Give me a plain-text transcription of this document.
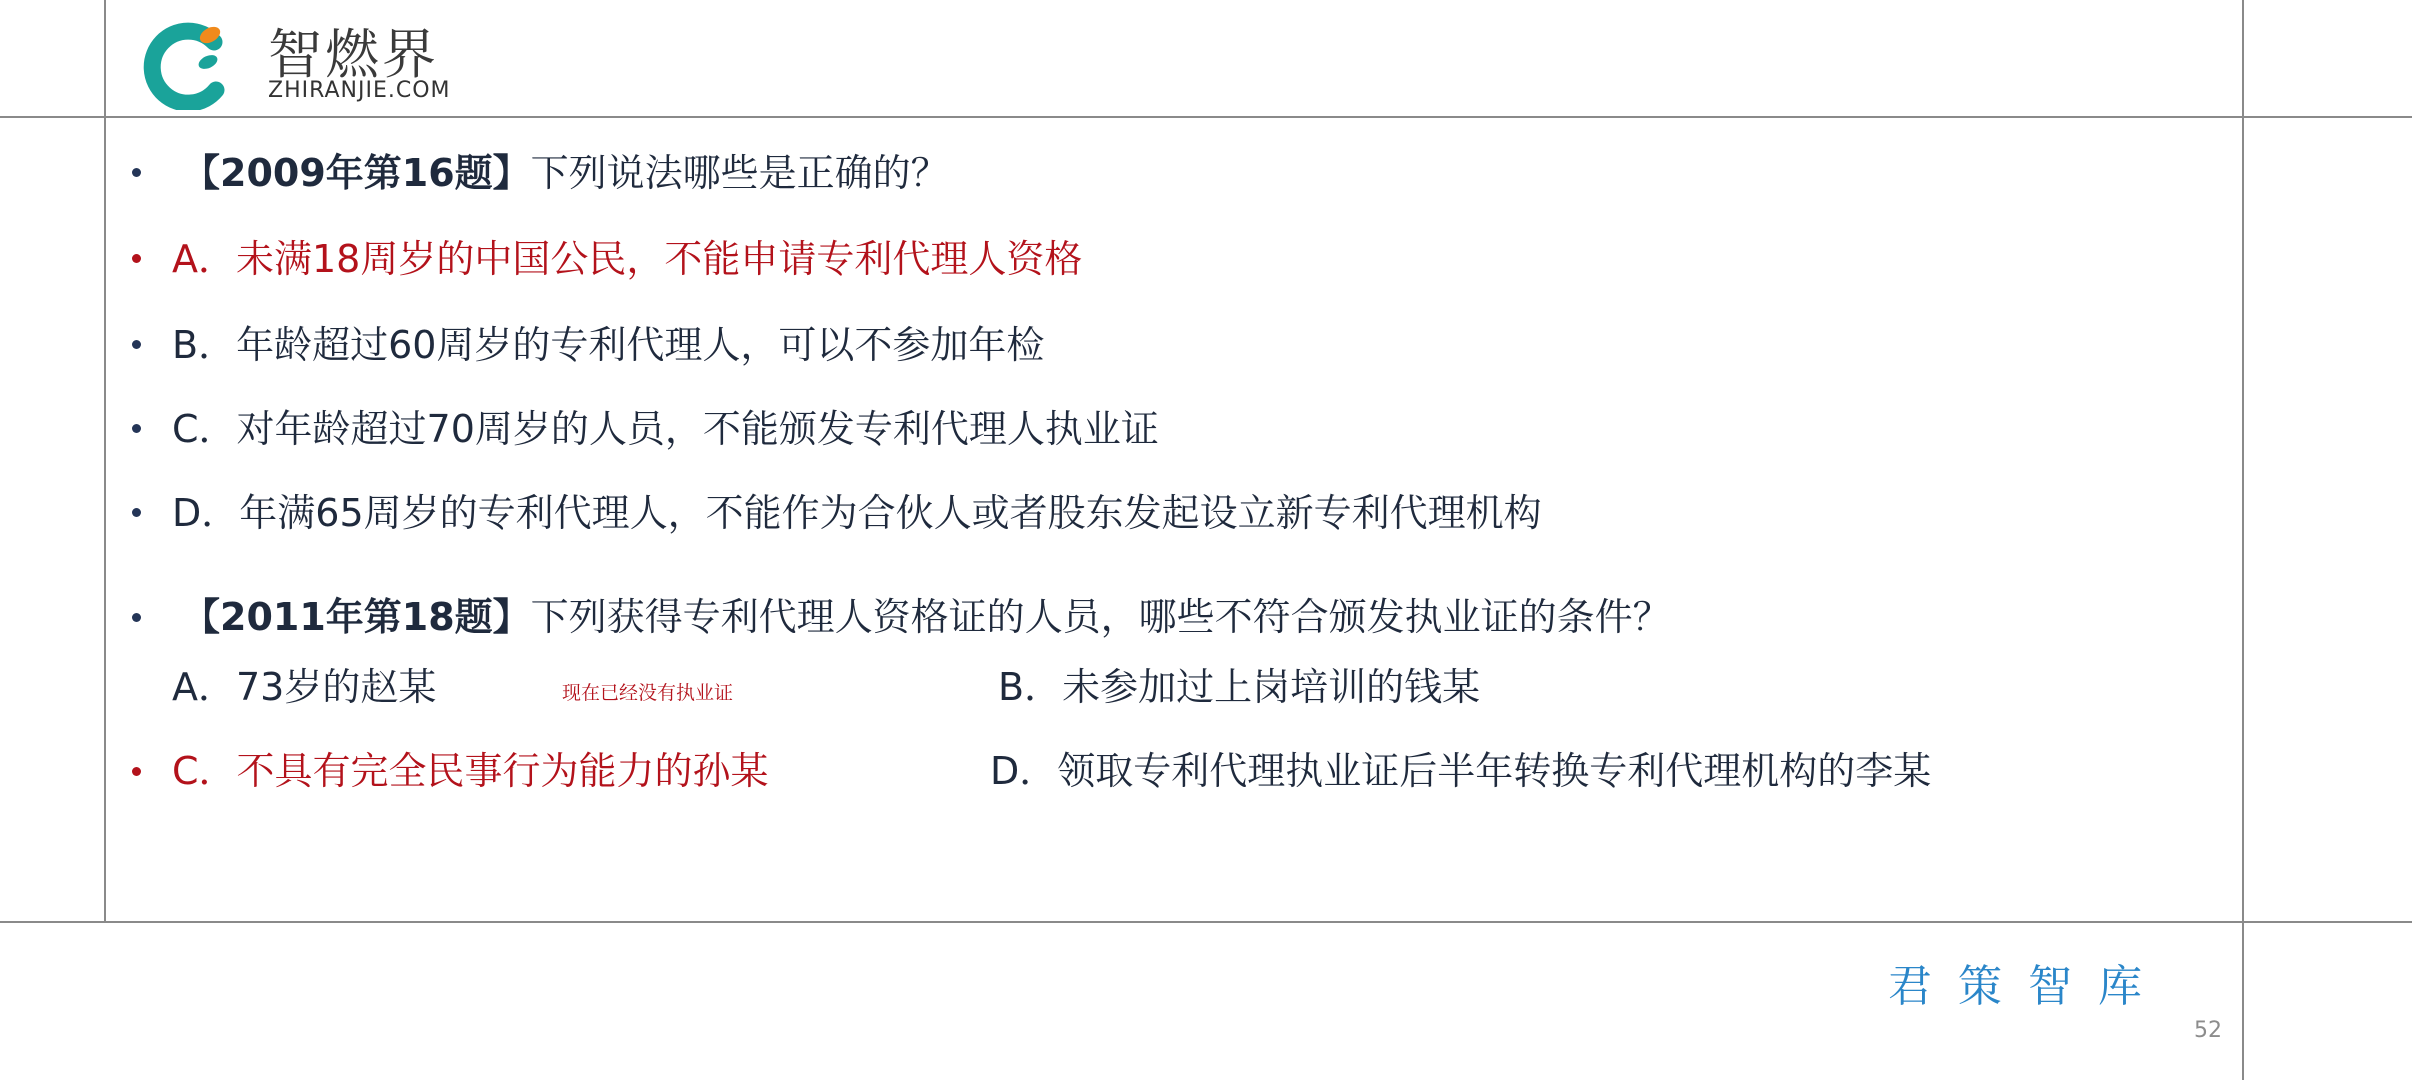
智燃界
ZHIRANJIE.COM
【2009年第16题】下列说法哪些是正确的？
A．未满18周岁的中国公民，不能申请专利代理人资格
B．年龄超过60周岁的专利代理人，可以不参加年检
C．对年龄超过70周岁的人员，不能颁发专利代理人执业证
D．年满65周岁的专利代理人，不能作为合伙人或者股东发起设立新专利代理机构
【2011年第18题】下列获得专利代理人资格证的人员，哪些不符合颁发执业证的条件？
A．73岁的赵某	现在已经没有执业证	B．未参加过上岗培训的钱某
C．不具有完全民事行为能力的孙某	D．领取专利代理执业证后半年转换专利代理机构的李某
君策智库
52
